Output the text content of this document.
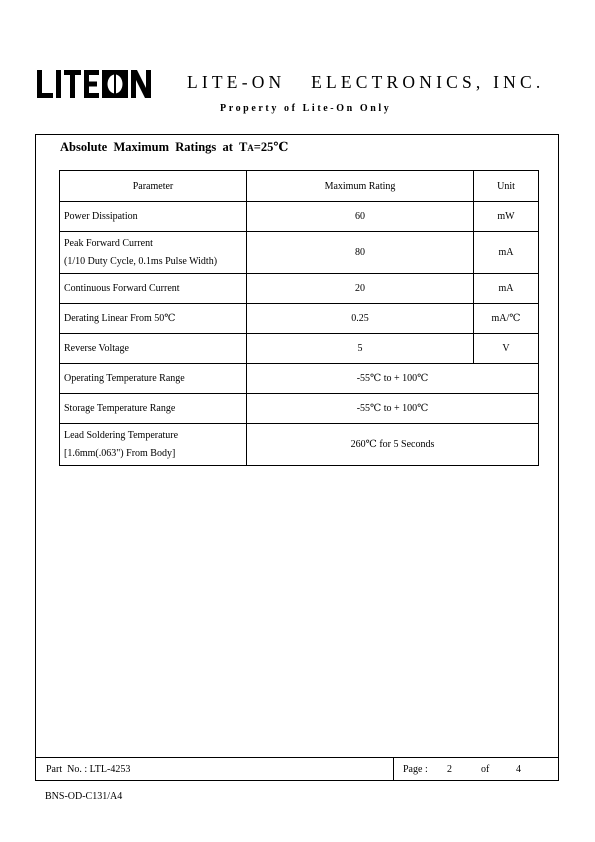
LITE-ON   ELECTRONICS, INC.
Property of Lite-On Only
Absolute  Maximum  Ratings  at  TA=25℃
Parameter	Maximum Rating	Unit
Power Dissipation	60	mW

Peak Forward Current
(1/10 Duty Cycle, 0.1ms Pulse Width)	80	mA
Continuous Forward Current	20	mA
Derating Linear From 50℃	0.25	mA/℃
Reverse Voltage	5	V
Operating Temperature Range	-55℃ to + 100℃	
Storage Temperature Range	-55℃ to + 100℃	

Lead Soldering Temperature
[1.6mm(.063") From Body]	260℃ for 5 Seconds	
Part  No. : LTL-4253	Page : 2	of	4
BNS-OD-C131/A4
